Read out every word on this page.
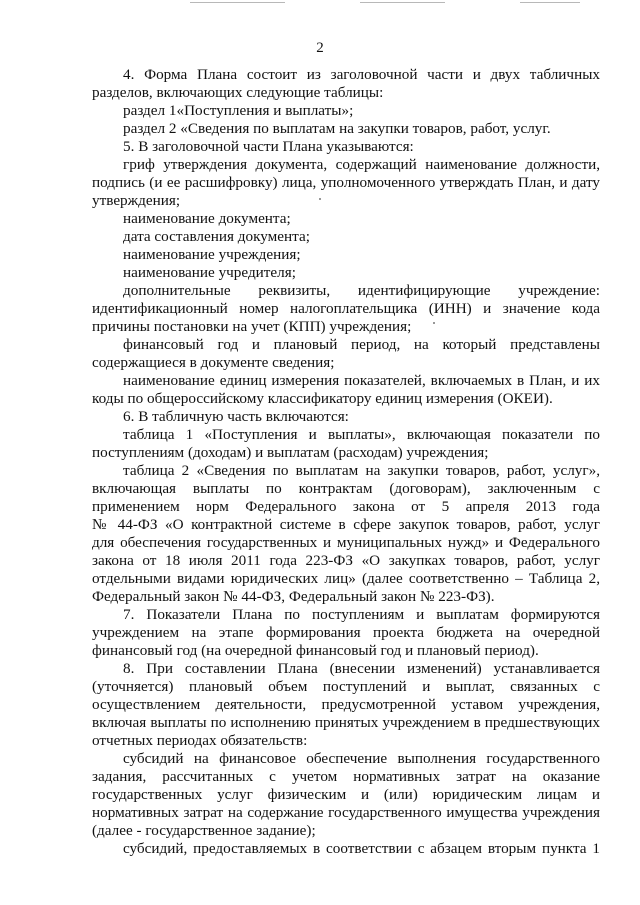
2
4. Форма Плана состоит из заголовочной части и двух табличных
разделов, включающих следующие таблицы:
раздел 1«Поступления и выплаты»;
раздел 2 «Сведения по выплатам на закупки товаров, работ, услуг.
5. В заголовочной части Плана указываются:
гриф утверждения документа, содержащий наименование должности,
подпись (и ее расшифровку) лица, уполномоченного утверждать План, и дату
утверждения;
наименование документа;
дата составления документа;
наименование учреждения;
наименование учредителя;
дополнительные реквизиты, идентифицирующие учреждение:
идентификационный номер налогоплательщика (ИНН) и значение кода
причины постановки на учет (КПП) учреждения;
финансовый год и плановый период, на который представлены
содержащиеся в документе сведения;
наименование единиц измерения показателей, включаемых в План, и их
коды по общероссийскому классификатору единиц измерения (ОКЕИ).
6. В табличную часть включаются:
таблица 1 «Поступления и выплаты», включающая показатели по
поступлениям (доходам) и выплатам (расходам) учреждения;
таблица 2 «Сведения по выплатам на закупки товаров, работ, услуг»,
включающая выплаты по контрактам (договорам), заключенным с
применением норм Федерального закона от 5 апреля 2013 года
№ 44-ФЗ «О контрактной системе в сфере закупок товаров, работ, услуг
для обеспечения государственных и муниципальных нужд» и Федерального
закона от 18 июля 2011 года 223-ФЗ «О закупках товаров, работ, услуг
отдельными видами юридических лиц» (далее соответственно – Таблица 2,
Федеральный закон № 44-ФЗ, Федеральный закон № 223-ФЗ).
7. Показатели Плана по поступлениям и выплатам формируются
учреждением на этапе формирования проекта бюджета на очередной
финансовый год (на очередной финансовый год и плановый период).
8. При составлении Плана (внесении изменений) устанавливается
(уточняется) плановый объем поступлений и выплат, связанных с
осуществлением деятельности, предусмотренной уставом учреждения,
включая выплаты по исполнению принятых учреждением в предшествующих
отчетных периодах обязательств:
субсидий на финансовое обеспечение выполнения государственного
задания, рассчитанных с учетом нормативных затрат на оказание
государственных услуг физическим и (или) юридическим лицам и
нормативных затрат на содержание государственного имущества учреждения
(далее - государственное задание);
субсидий, предоставляемых в соответствии с абзацем вторым пункта 1
